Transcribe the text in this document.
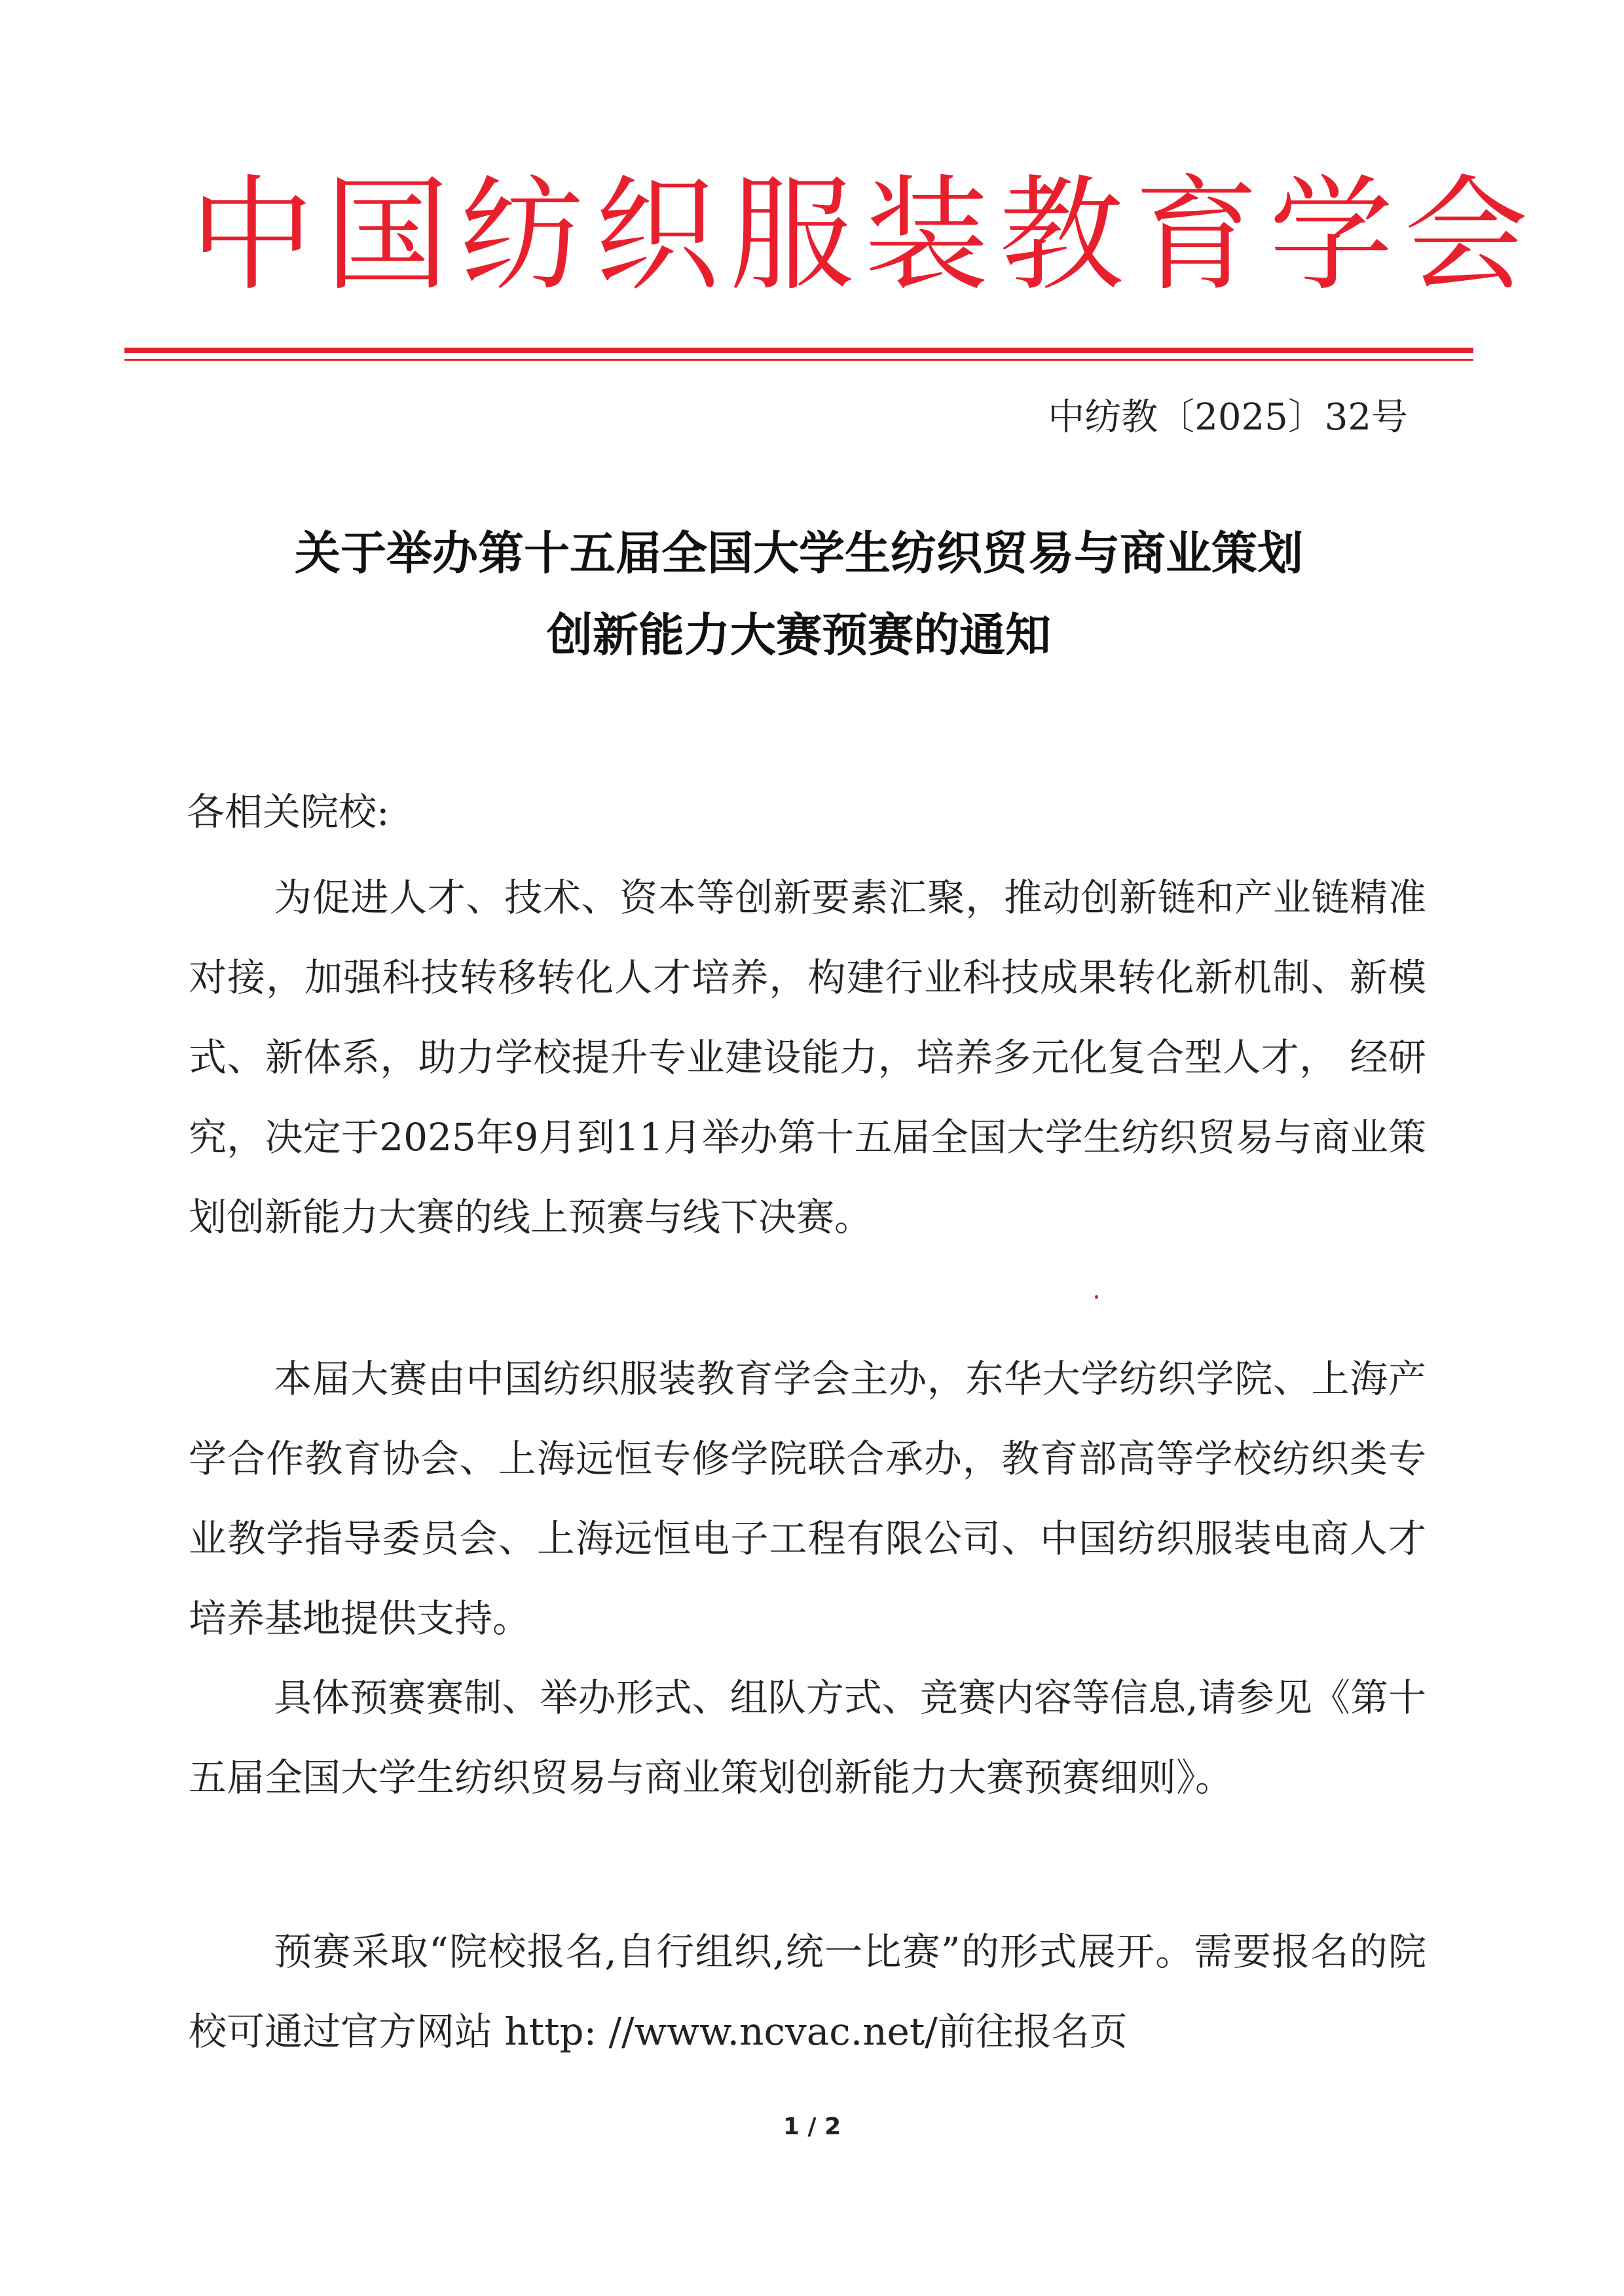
中国纺织服装教育学会
中纺教〔2025〕32号
关于举办第十五届全国大学生纺织贸易与商业策划
创新能力大赛预赛的通知
各相关院校:

为促进人才、技术、资本等创新要素汇聚，推动创新链和产业链精准对接，加强科技转移转化人才培养，构建行业科技成果转化新机制、新模式、新体系，助力学校提升专业建设能力，培养多元化复合型人才， 经研究，决定于2025年9月到11月举办第十五届全国大学生纺织贸易与商业策划创新能力大赛的线上预赛与线下决赛。

本届大赛由中国纺织服装教育学会主办，东华大学纺织学院、上海产学合作教育协会、上海远恒专修学院联合承办，教育部高等学校纺织类专业教学指导委员会、上海远恒电子工程有限公司、中国纺织服装电商人才培养基地提供支持。

具体预赛赛制、举办形式、组队方式、竞赛内容等信息,请参见《第十五届全国大学生纺织贸易与商业策划创新能力大赛预赛细则》。

预赛采取“院校报名,自行组织,统一比赛”的形式展开。需要报名的院校可通过官方网站 http: //www.ncvac.net/前往报名页

1 / 2
